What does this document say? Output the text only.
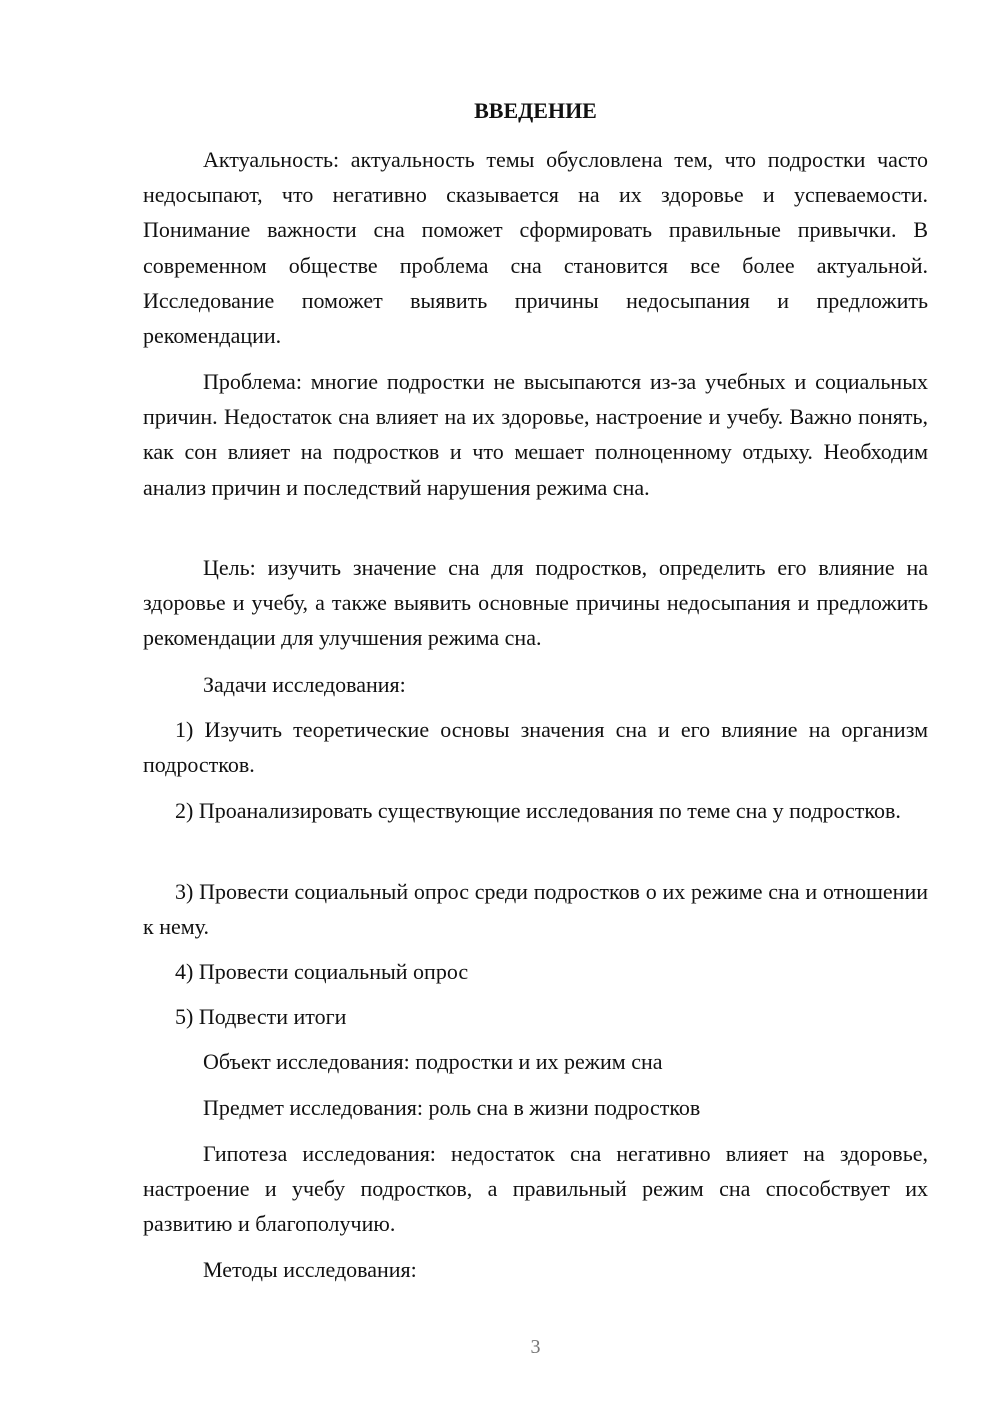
ВВЕДЕНИЕ

Актуальность: актуальность темы обусловлена тем, что подростки часто недосыпают, что негативно сказывается на их здоровье и успеваемости. Понимание важности сна поможет сформировать правильные привычки. В современном обществе проблема сна становится все более актуальной. Исследование поможет выявить причины недосыпания и предложить рекомендации.

Проблема: многие подростки не высыпаются из-за учебных и социальных причин. Недостаток сна влияет на их здоровье, настроение и учебу. Важно понять, как сон влияет на подростков и что мешает полноценному отдыху. Необходим анализ причин и последствий нарушения режима сна.

Цель: изучить значение сна для подростков, определить его влияние на здоровье и учебу, а также выявить основные причины недосыпания и предложить рекомендации для улучшения режима сна.

Задачи исследования:

1) Изучить теоретические основы значения сна и его влияние на организм подростков.

2) Проанализировать существующие исследования по теме сна у подростков.

3) Провести социальный опрос среди подростков о их режиме сна и отношении к нему.

4) Провести социальный опрос

5) Подвести итоги

Объект исследования: подростки и их режим сна

Предмет исследования: роль сна в жизни подростков

Гипотеза исследования: недостаток сна негативно влияет на здоровье, настроение и учебу подростков, а правильный режим сна способствует их развитию и благополучию.

Методы исследования:

3
